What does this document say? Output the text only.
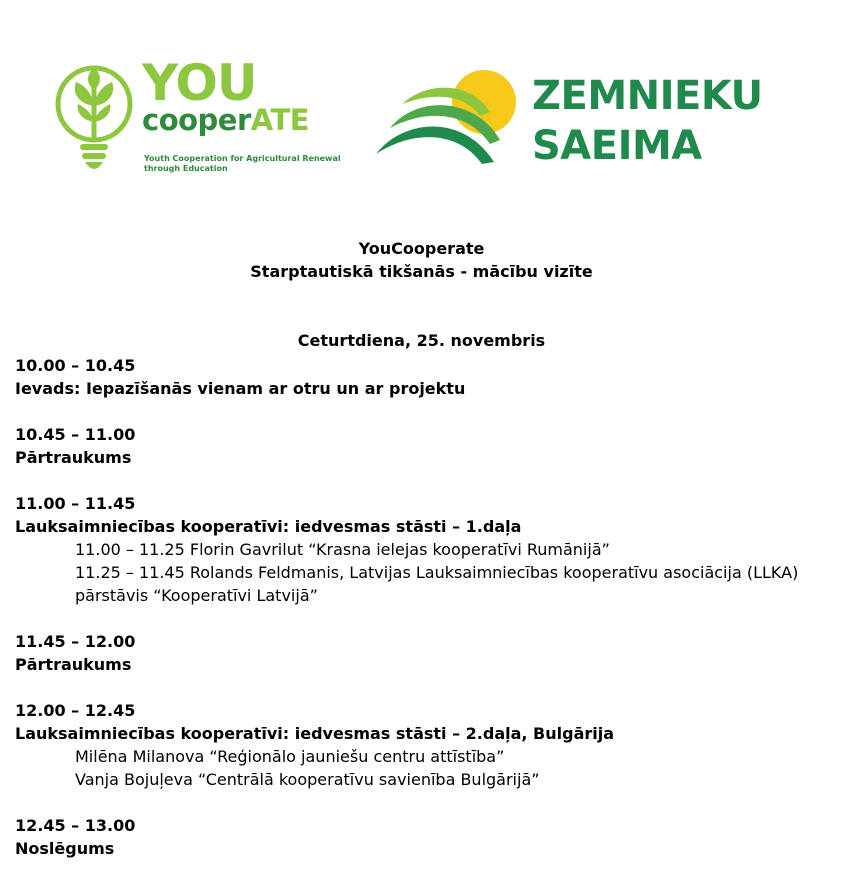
YOU
cooperATE
Youth Cooperation for Agricultural Renewal
through Education
ZEMNIEKU
SAEIMA
YouCooperate
Starptautiskā tikšanās - mācību vizīte
Ceturtdiena, 25. novembris
10.00 – 10.45
Ievads: Iepazīšanās vienam ar otru un ar projektu
10.45 – 11.00
Pārtraukums
11.00 – 11.45
Lauksaimniecības kooperatīvi: iedvesmas stāsti – 1.daļa
11.00 – 11.25 Florin Gavrilut “Krasna ielejas kooperatīvi Rumānijā”
11.25 – 11.45 Rolands Feldmanis, Latvijas Lauksaimniecības kooperatīvu asociācija (LLKA) pārstāvis “Kooperatīvi Latvijā”
11.45 – 12.00
Pārtraukums
12.00 – 12.45
Lauksaimniecības kooperatīvi: iedvesmas stāsti – 2.daļa, Bulgārija
Milēna Milanova “Reģionālo jauniešu centru attīstība”
Vanja Bojuļeva “Centrālā kooperatīvu savienība Bulgārijā”
12.45 – 13.00
Noslēgums
